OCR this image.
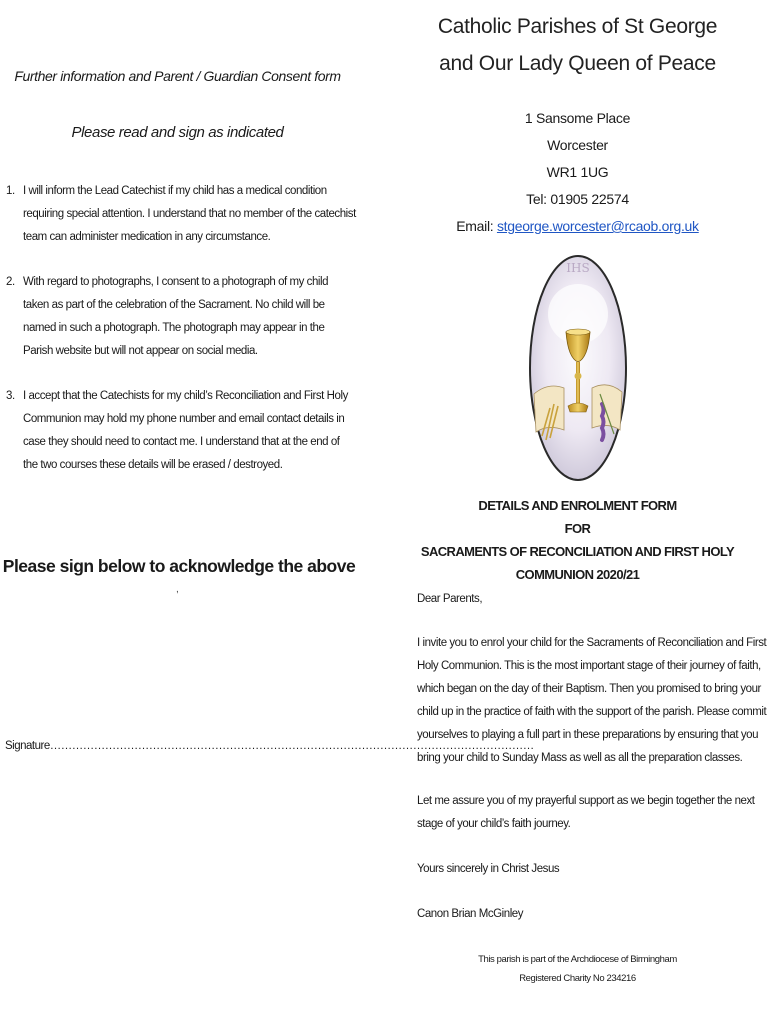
Further information and Parent / Guardian Consent form
Please read and sign as indicated
1. I will inform the Lead Catechist if my child has a medical condition requiring special attention. I understand that no member of the catechist team can administer medication in any circumstance.
2. With regard to photographs, I consent to a photograph of my child taken as part of the celebration of the Sacrament. No child will be named in such a photograph. The photograph may appear in the Parish website but will not appear on social media.
3. I accept that the Catechists for my child’s Reconciliation and First Holy Communion may hold my phone number and email contact details in case they should need to contact me. I understand that at the end of the two courses these details will be erased / destroyed.
Please sign below to acknowledge the above
,
Signature……………………………………………………………………………………………………………………
Catholic Parishes of St George
and Our Lady Queen of Peace
1 Sansome Place
Worcester
WR1 1UG
Tel: 01905 22574
Email: stgeorge.worcester@rcaob.org.uk
IHS
DETAILS AND ENROLMENT FORM
FOR
SACRAMENTS OF RECONCILIATION AND FIRST HOLY COMMUNION 2020/21

Dear Parents,

I invite you to enrol your child for the Sacraments of Reconciliation and First Holy Communion. This is the most important stage of their journey of faith, which began on the day of their Baptism. Then you promised to bring your child up in the practice of faith with the support of the parish. Please commit yourselves to playing a full part in these preparations by ensuring that you bring your child to Sunday Mass as well as all the preparation classes.

Let me assure you of my prayerful support as we begin together the next stage of your child’s faith journey.

Yours sincerely in Christ Jesus

Canon Brian McGinley

This parish is part of the Archdiocese of Birmingham
Registered Charity No 234216
